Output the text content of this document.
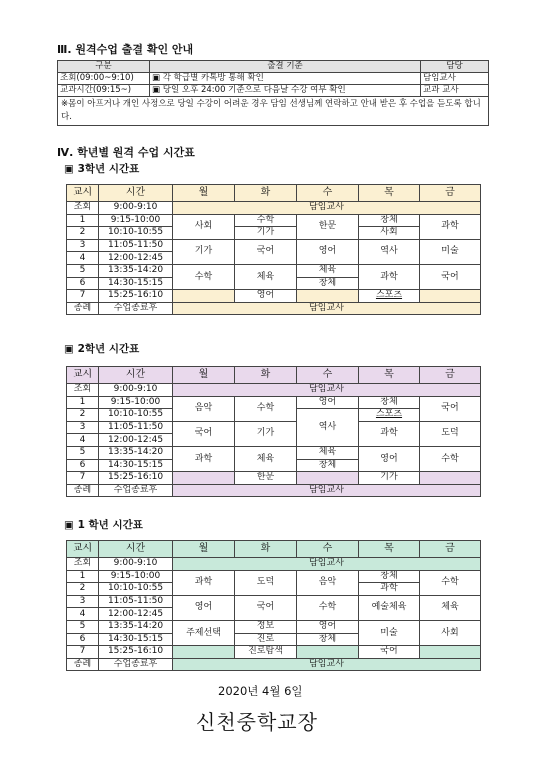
Ⅲ. 원격수업 출결 확인 안내
구분	출결 기준	담당
조회(09:00~9:10)	▣ 각 학급별 카톡방 통해 확인	담임교사
교과시간(09:15~)	▣ 당일 오후 24:00 기준으로 다음날 수강 여부 확인	교과 교사
※몸이 아프거나 개인 사정으로 당일 수강이 어려운 경우 담임 선생님께 연락하고 안내 받은 후 수업을 듣도록 합니다.		
Ⅳ. 학년별 원격 수업 시간표
▣ 3학년 시간표
교시	시간	월	화	수	목	금
조회	9:00-9:10	담임교사				
1	9:15-10:00	사회	수학	한문	창체	과학
2	10:10-10:55		기가		사회	
3	11:05-11:50	기가	국어	영어	역사	미술
4	12:00-12:45					
5	13:35-14:20	수학	체육	체육	과학	국어
6	14:30-15:15			창체		
7	15:25-16:10		영어		스포츠	
종례	수업종료후	담임교사				
▣ 2학년 시간표
교시	시간	월	화	수	목	금
조회	9:00-9:10	담임교사				
1	9:15-10:00	음악	수학	영어	창체	국어
2	10:10-10:55			역사	스포츠	
3	11:05-11:50	국어	기가		과학	도덕
4	12:00-12:45					
5	13:35-14:20	과학	체육	체육	영어	수학
6	14:30-15:15			창체		
7	15:25-16:10		한문		기가	
종례	수업종료후	담임교사				
▣ 1 학년 시간표
교시	시간	월	화	수	목	금
조회	9:00-9:10	담임교사				
1	9:15-10:00	과학	도덕	음악	창체	수학
2	10:10-10:55				과학	
3	11:05-11:50	영어	국어	수학	예술체육	체육
4	12:00-12:45					
5	13:35-14:20	주제선택	정보	영어	미술	사회
6	14:30-15:15		진로	창체		
7	15:25-16:10		진로탐색		국어	
종례	수업종료후	담임교사				
2020년 4월 6일
신천중학교장
